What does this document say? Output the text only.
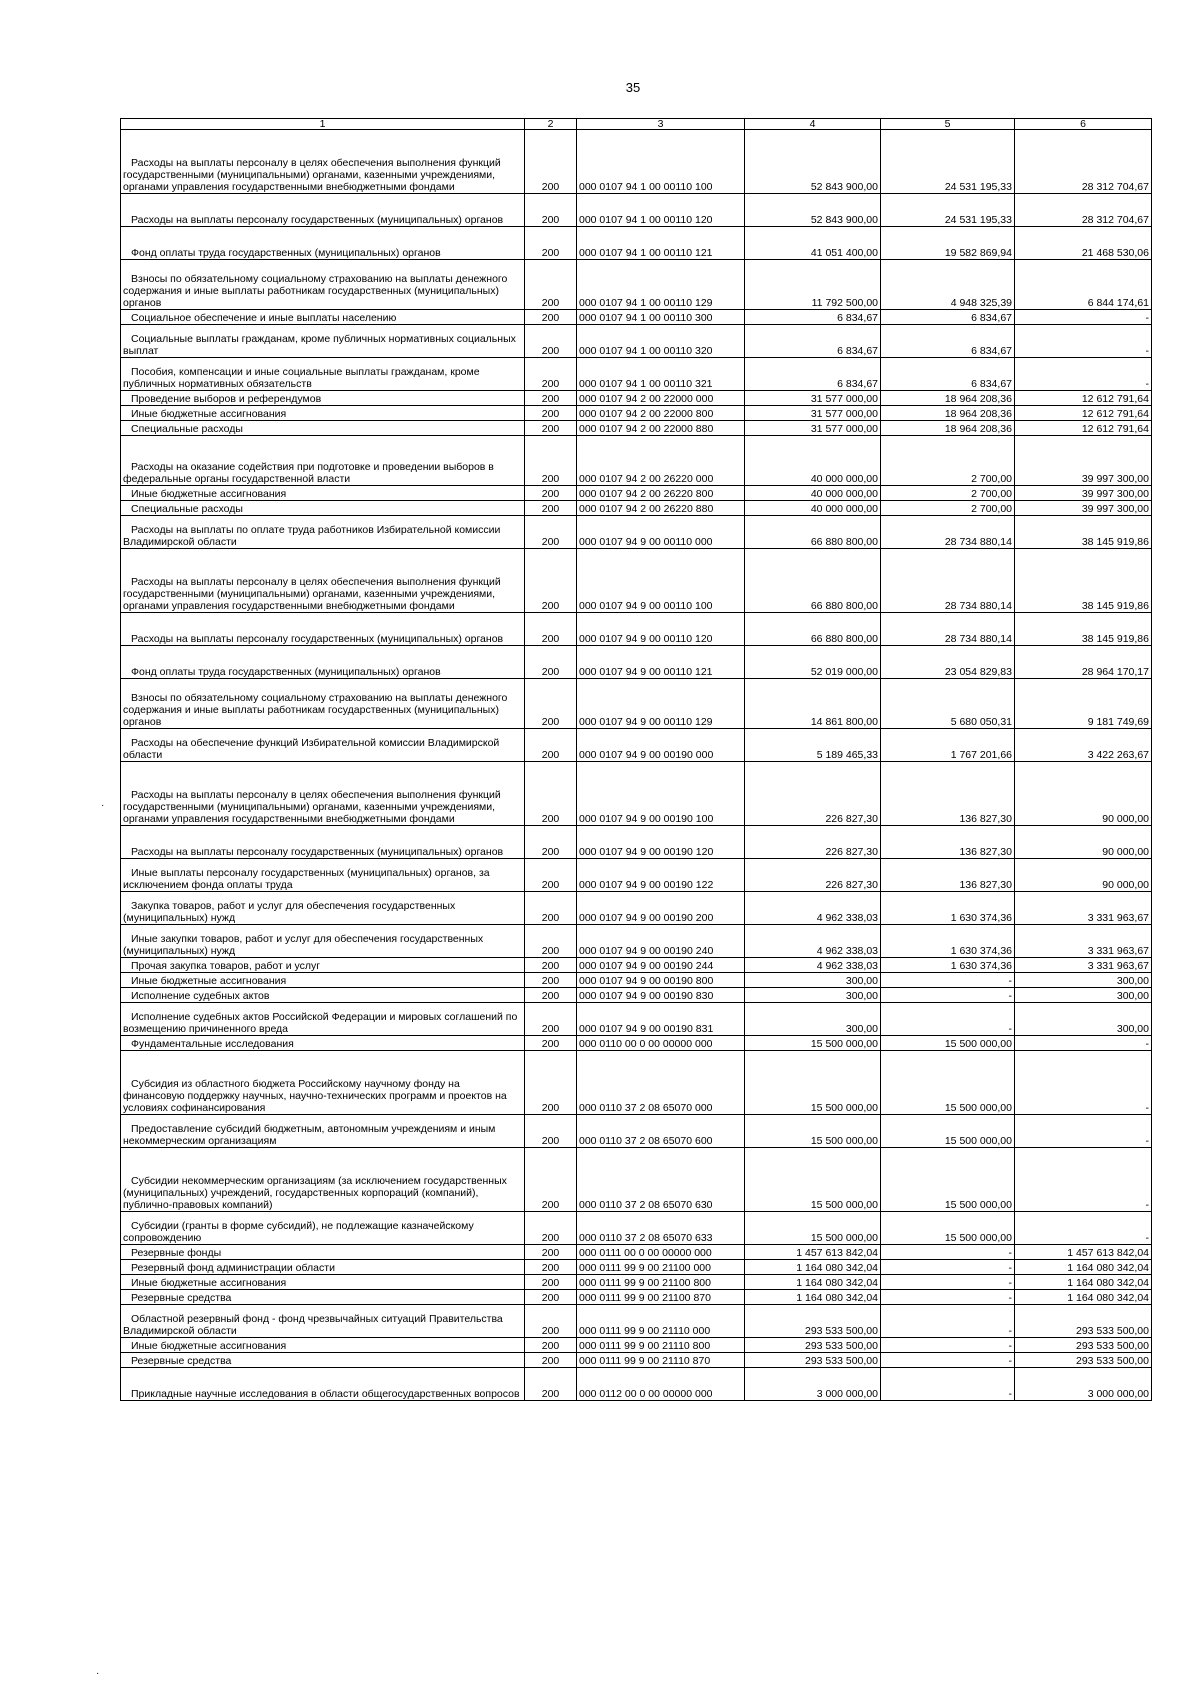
35
1	2	3	4	5	6
Расходы на выплаты персоналу в целях обеспечения выполнения функций государственными (муниципальными) органами, казенными учреждениями, органами управления государственными внебюджетными фондами	200	000 0107 94 1 00 00110 100	52 843 900,00	24 531 195,33	28 312 704,67
Расходы на выплаты персоналу государственных (муниципальных) органов	200	000 0107 94 1 00 00110 120	52 843 900,00	24 531 195,33	28 312 704,67
Фонд оплаты труда государственных (муниципальных) органов	200	000 0107 94 1 00 00110 121	41 051 400,00	19 582 869,94	21 468 530,06
Взносы по обязательному социальному страхованию на выплаты денежного содержания и иные выплаты работникам государственных (муниципальных) органов	200	000 0107 94 1 00 00110 129	11 792 500,00	4 948 325,39	6 844 174,61
Социальное обеспечение и иные выплаты населению	200	000 0107 94 1 00 00110 300	6 834,67	6 834,67	-
Социальные выплаты гражданам, кроме публичных нормативных социальных выплат	200	000 0107 94 1 00 00110 320	6 834,67	6 834,67	-
Пособия, компенсации и иные социальные выплаты гражданам, кроме публичных нормативных обязательств	200	000 0107 94 1 00 00110 321	6 834,67	6 834,67	-
Проведение выборов и референдумов	200	000 0107 94 2 00 22000 000	31 577 000,00	18 964 208,36	12 612 791,64
Иные бюджетные ассигнования	200	000 0107 94 2 00 22000 800	31 577 000,00	18 964 208,36	12 612 791,64
Специальные расходы	200	000 0107 94 2 00 22000 880	31 577 000,00	18 964 208,36	12 612 791,64
Расходы на оказание содействия при подготовке и проведении выборов в федеральные органы государственной власти	200	000 0107 94 2 00 26220 000	40 000 000,00	2 700,00	39 997 300,00
Иные бюджетные ассигнования	200	000 0107 94 2 00 26220 800	40 000 000,00	2 700,00	39 997 300,00
Специальные расходы	200	000 0107 94 2 00 26220 880	40 000 000,00	2 700,00	39 997 300,00
Расходы на выплаты по оплате труда работников Избирательной комиссии Владимирской области	200	000 0107 94 9 00 00110 000	66 880 800,00	28 734 880,14	38 145 919,86
Расходы на выплаты персоналу в целях обеспечения выполнения функций государственными (муниципальными) органами, казенными учреждениями, органами управления государственными внебюджетными фондами	200	000 0107 94 9 00 00110 100	66 880 800,00	28 734 880,14	38 145 919,86
Расходы на выплаты персоналу государственных (муниципальных) органов	200	000 0107 94 9 00 00110 120	66 880 800,00	28 734 880,14	38 145 919,86
Фонд оплаты труда государственных (муниципальных) органов	200	000 0107 94 9 00 00110 121	52 019 000,00	23 054 829,83	28 964 170,17
Взносы по обязательному социальному страхованию на выплаты денежного содержания и иные выплаты работникам государственных (муниципальных) органов	200	000 0107 94 9 00 00110 129	14 861 800,00	5 680 050,31	9 181 749,69
Расходы на обеспечение функций Избирательной комиссии Владимирской области	200	000 0107 94 9 00 00190 000	5 189 465,33	1 767 201,66	3 422 263,67
Расходы на выплаты персоналу в целях обеспечения выполнения функций государственными (муниципальными) органами, казенными учреждениями, органами управления государственными внебюджетными фондами	200	000 0107 94 9 00 00190 100	226 827,30	136 827,30	90 000,00
Расходы на выплаты персоналу государственных (муниципальных) органов	200	000 0107 94 9 00 00190 120	226 827,30	136 827,30	90 000,00
Иные выплаты персоналу государственных (муниципальных) органов, за исключением фонда оплаты труда	200	000 0107 94 9 00 00190 122	226 827,30	136 827,30	90 000,00
Закупка товаров, работ и услуг для обеспечения государственных (муниципальных) нужд	200	000 0107 94 9 00 00190 200	4 962 338,03	1 630 374,36	3 331 963,67
Иные закупки товаров, работ и услуг для обеспечения государственных (муниципальных) нужд	200	000 0107 94 9 00 00190 240	4 962 338,03	1 630 374,36	3 331 963,67
Прочая закупка товаров, работ и услуг	200	000 0107 94 9 00 00190 244	4 962 338,03	1 630 374,36	3 331 963,67
Иные бюджетные ассигнования	200	000 0107 94 9 00 00190 800	300,00	-	300,00
Исполнение судебных актов	200	000 0107 94 9 00 00190 830	300,00	-	300,00
Исполнение судебных актов Российской Федерации и мировых соглашений по возмещению причиненного вреда	200	000 0107 94 9 00 00190 831	300,00	-	300,00
Фундаментальные исследования	200	000 0110 00 0 00 00000 000	15 500 000,00	15 500 000,00	-
Субсидия из областного бюджета Российскому научному фонду на финансовую поддержку научных, научно-технических программ и проектов на условиях софинансирования	200	000 0110 37 2 08 65070 000	15 500 000,00	15 500 000,00	-
Предоставление субсидий бюджетным, автономным учреждениям и иным некоммерческим организациям	200	000 0110 37 2 08 65070 600	15 500 000,00	15 500 000,00	-
Субсидии некоммерческим организациям (за исключением государственных (муниципальных) учреждений, государственных корпораций (компаний), публично-правовых компаний)	200	000 0110 37 2 08 65070 630	15 500 000,00	15 500 000,00	-
Субсидии (гранты в форме субсидий), не подлежащие казначейскому сопровождению	200	000 0110 37 2 08 65070 633	15 500 000,00	15 500 000,00	-
Резервные фонды	200	000 0111 00 0 00 00000 000	1 457 613 842,04	-	1 457 613 842,04
Резервный фонд администрации области	200	000 0111 99 9 00 21100 000	1 164 080 342,04	-	1 164 080 342,04
Иные бюджетные ассигнования	200	000 0111 99 9 00 21100 800	1 164 080 342,04	-	1 164 080 342,04
Резервные средства	200	000 0111 99 9 00 21100 870	1 164 080 342,04	-	1 164 080 342,04
Областной резервный фонд - фонд чрезвычайных ситуаций Правительства Владимирской области	200	000 0111 99 9 00 21110 000	293 533 500,00	-	293 533 500,00
Иные бюджетные ассигнования	200	000 0111 99 9 00 21110 800	293 533 500,00	-	293 533 500,00
Резервные средства	200	000 0111 99 9 00 21110 870	293 533 500,00	-	293 533 500,00
Прикладные научные исследования в области общегосударственных вопросов	200	000 0112 00 0 00 00000 000	3 000 000,00	-	3 000 000,00
·
·
